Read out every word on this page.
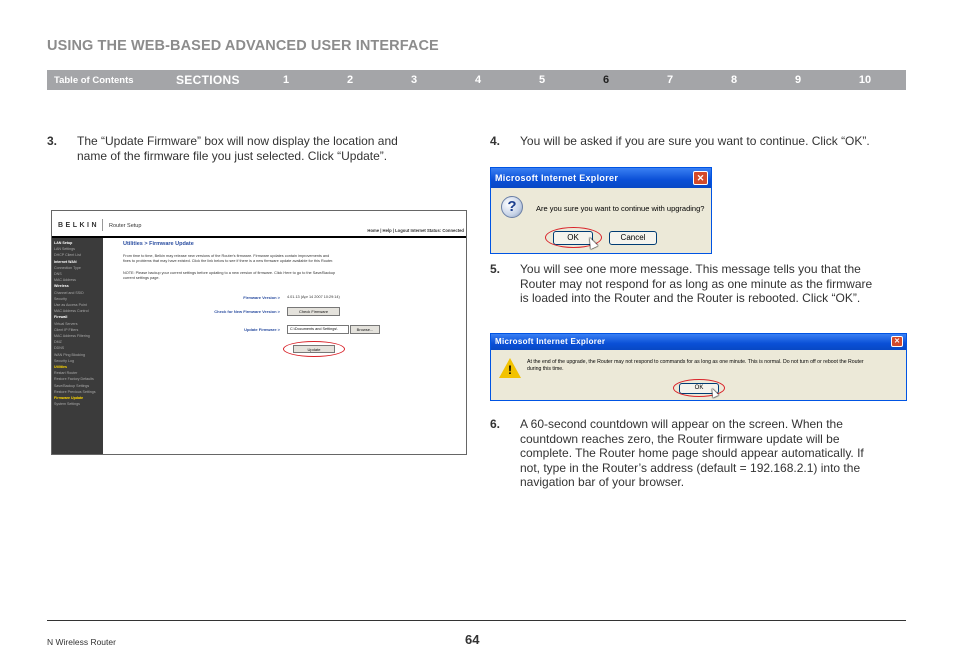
USING THE WEB-BASED ADVANCED USER INTERFACE
Table of Contents	SECTIONS	1	2	3	4	5	6	7	8	9	10
3. The “Update Firmware” box will now display the location and
name of the firmware file you just selected. Click “Update”.
BELKIN Router Setup
Home | Help | Logout Internet Status: Connected
LAN Setup
LAN Settings
DHCP Client List
Internet WAN
Connection Type
DNS
MAC Address
Wireless
Channel and SSID
Security
Use as Access Point
MAC Address Control
Firewall
Virtual Servers
Client IP Filters
MAC Address Filtering
DMZ
DDNS
WAN Ping Blocking
Security Log
Utilities
Restart Router
Restore Factory Defaults
Save/Backup Settings
Restore Previous Settings
Firmware Update
System Settings
Utilities > Firmware Update
From time to time, Belkin may release new versions of the Router's firmware. Firmware updates contain improvements and
fixes to problems that may have existed. Click the link below to see if there is a new firmware update available for this Router.
NOTE: Please backup your current settings before updating to a new version of firmware. Click Here to go to the Save/Backup
current settings page.
Firmware Version > 4.01.13 (Apr 14 2007 10:29:14)
Check for New Firmware Version >	Check Firmware
Update Firmware >	C:\Documents and Settings\	Browse...
Update
4. You will be asked if you are sure you want to continue. Click “OK”.
Microsoft Internet Explorer	✕
?	Are you sure you want to continue with upgrading?
OK	Cancel
5. You will see one more message. This message tells you that the
Router may not respond for as long as one minute as the firmware
is loaded into the Router and the Router is rebooted. Click “OK”.
Microsoft Internet Explorer	✕
!
At the end of the upgrade, the Router may not respond to commands for as long as one minute. This is normal. Do not turn off or reboot the Router
during this time.
OK
6. A 60-second countdown will appear on the screen. When the
countdown reaches zero, the Router firmware update will be
complete. The Router home page should appear automatically. If
not, type in the Router’s address (default = 192.168.2.1) into the
navigation bar of your browser.
N Wireless Router	64
